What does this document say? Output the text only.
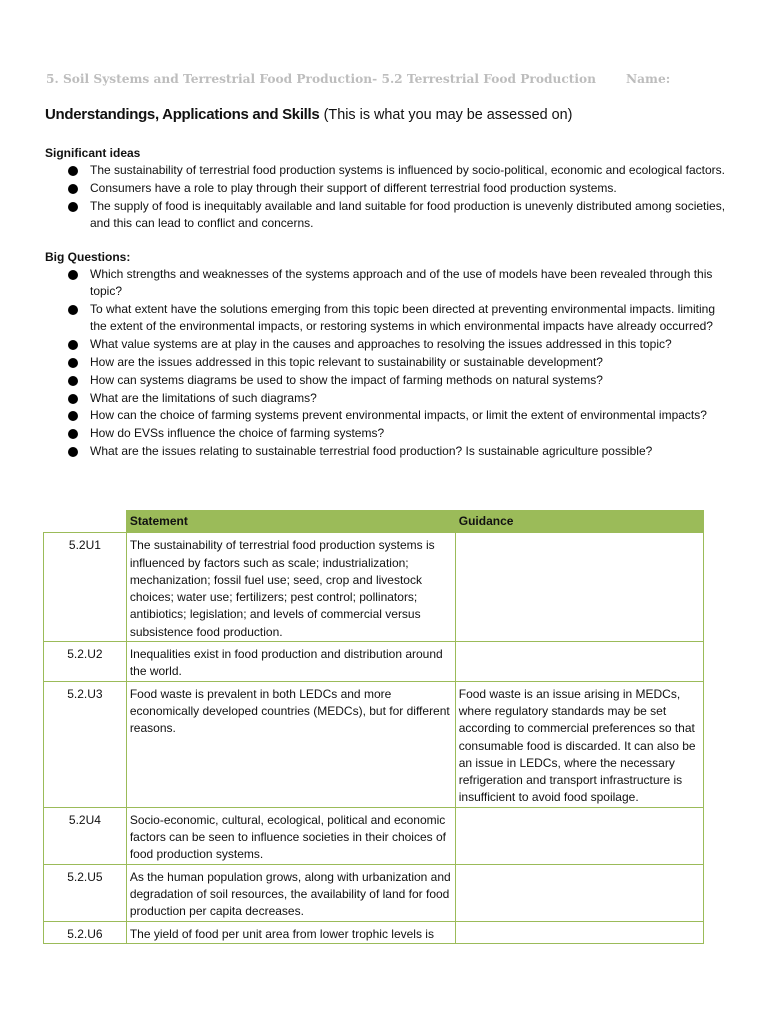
5. Soil Systems and Terrestrial Food Production- 5.2 Terrestrial Food Production Name:
Understandings, Applications and Skills (This is what you may be assessed on)
Significant ideas
The sustainability of terrestrial food production systems is influenced by socio-political, economic and ecological factors.
Consumers have a role to play through their support of different terrestrial food production systems.
The supply of food is inequitably available and land suitable for food production is unevenly distributed among societies, and this can lead to conflict and concerns.
Big Questions:
Which strengths and weaknesses of the systems approach and of the use of models have been revealed through this topic?
To what extent have the solutions emerging from this topic been directed at preventing environmental impacts. limiting the extent of the environmental impacts, or restoring systems in which environmental impacts have already occurred?
What value systems are at play in the causes and approaches to resolving the issues addressed in this topic?
How are the issues addressed in this topic relevant to sustainability or sustainable development?
How can systems diagrams be used to show the impact of farming methods on natural systems?
What are the limitations of such diagrams?
How can the choice of farming systems prevent environmental impacts, or limit the extent of environmental impacts?
How do EVSs influence the choice of farming systems?
What are the issues relating to sustainable terrestrial food production? Is sustainable agriculture possible?
	Statement	Guidance
5.2U1	The sustainability of terrestrial food production systems is influenced by factors such as scale; industrialization; mechanization; fossil fuel use; seed, crop and livestock choices; water use; fertilizers; pest control; pollinators; antibiotics; legislation; and levels of commercial versus subsistence food production.	
5.2.U2	Inequalities exist in food production and distribution around the world.	
5.2.U3	Food waste is prevalent in both LEDCs and more economically developed countries (MEDCs), but for different reasons.	Food waste is an issue arising in MEDCs, where regulatory standards may be set according to commercial preferences so that consumable food is discarded. It can also be an issue in LEDCs, where the necessary refrigeration and transport infrastructure is insufficient to avoid food spoilage.
5.2U4	Socio-economic, cultural, ecological, political and economic factors can be seen to influence societies in their choices of food production systems.	
5.2.U5	As the human population grows, along with urbanization and degradation of soil resources, the availability of land for food production per capita decreases.	
5.2.U6	The yield of food per unit area from lower trophic levels is	
